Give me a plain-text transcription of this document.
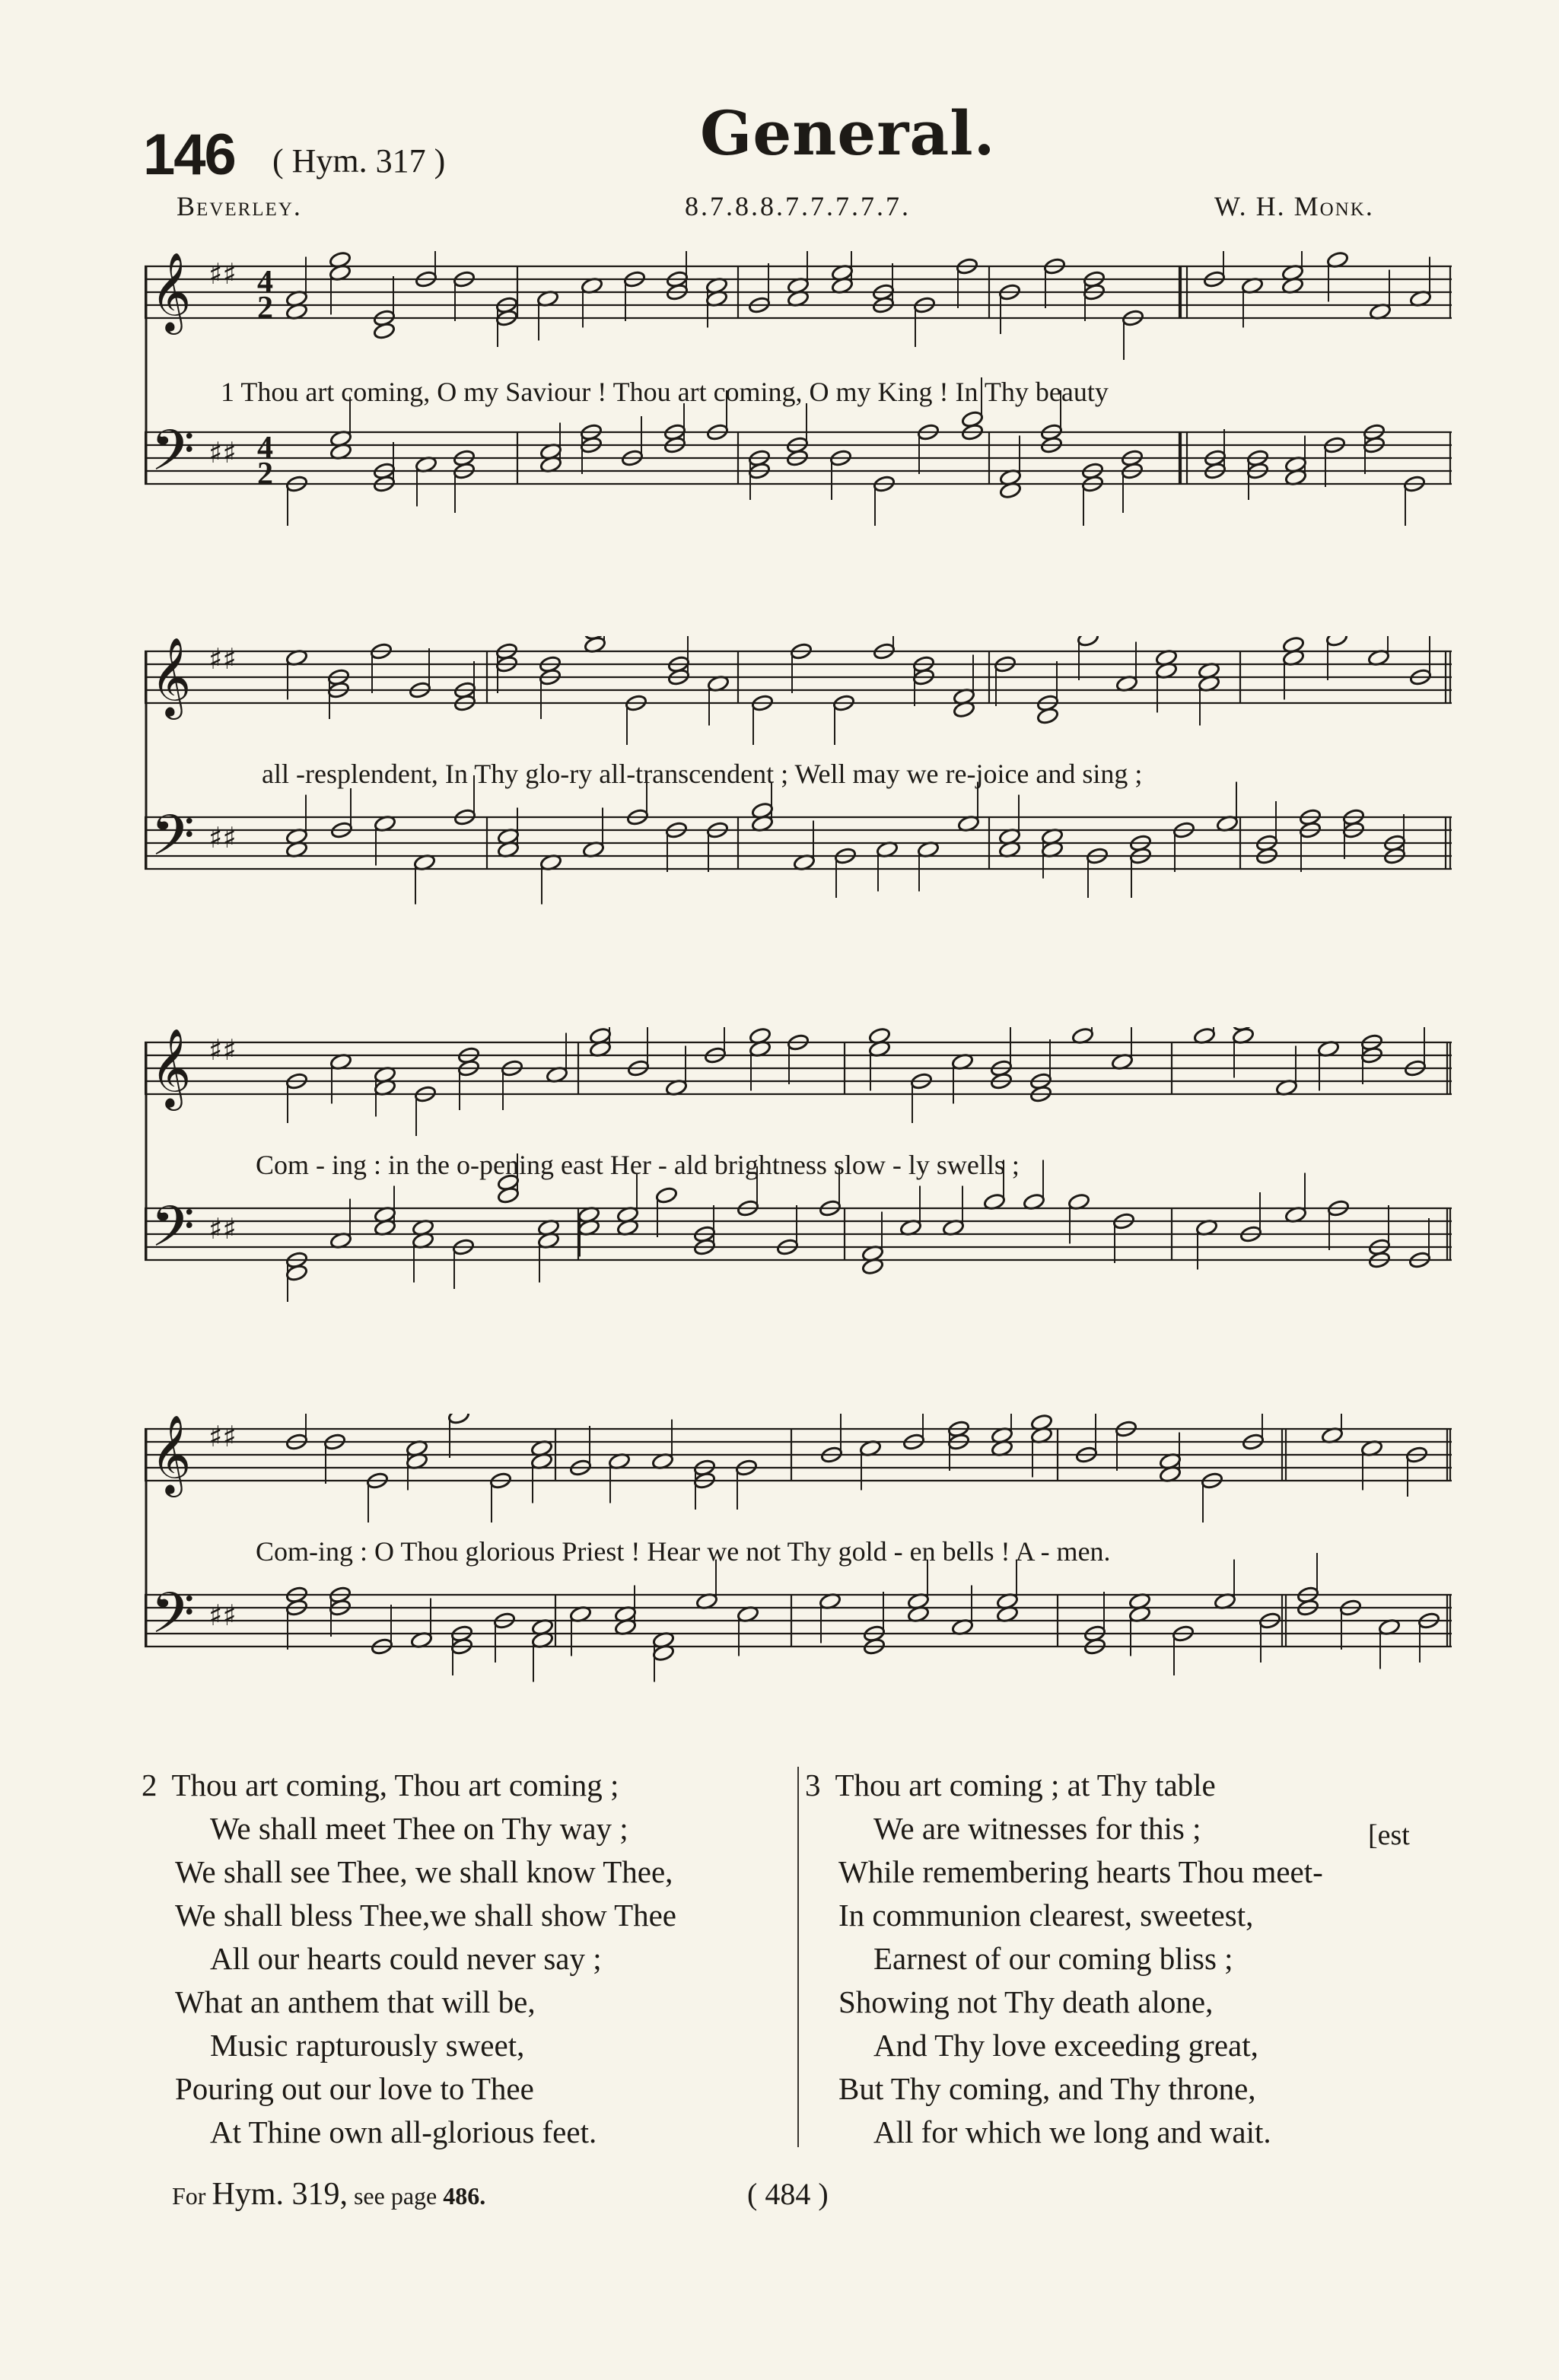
146 ( Hym. 317 )	General.
Beverley.	8.7.8.8.7.7.7.7.7.	W. H. Monk.
𝄞 ♯♯
𝄢 ♯♯
4
2
4
2
1 Thou art coming, O my Saviour ! Thou art coming, O my King ! In Thy beauty
𝄞 ♯♯
𝄢 ♯♯
all -resplendent, In Thy glo-ry all-transcendent ; Well may we re-joice and sing ;
𝄞 ♯♯
𝄢 ♯♯
Com - ing : in the o-pening east Her - ald brightness slow - ly swells ;
𝄞 ♯♯
𝄢 ♯♯
Com-ing : O Thou glorious Priest ! Hear we not Thy gold - en bells ! A - men.
2 Thou art coming, Thou art coming ;
We shall meet Thee on Thy way ;
We shall see Thee, we shall know Thee,
We shall bless Thee,we shall show Thee
All our hearts could never say ;
What an anthem that will be,
Music rapturously sweet,
Pouring out our love to Thee
At Thine own all-glorious feet.
3 Thou art coming ; at Thy table
We are witnesses for this ;	[est
While remembering hearts Thou meet-
In communion clearest, sweetest,
Earnest of our coming bliss ;
Showing not Thy death alone,
And Thy love exceeding great,
But Thy coming, and Thy throne,
All for which we long and wait.
For Hym. 319, see page 486.	( 484 )
